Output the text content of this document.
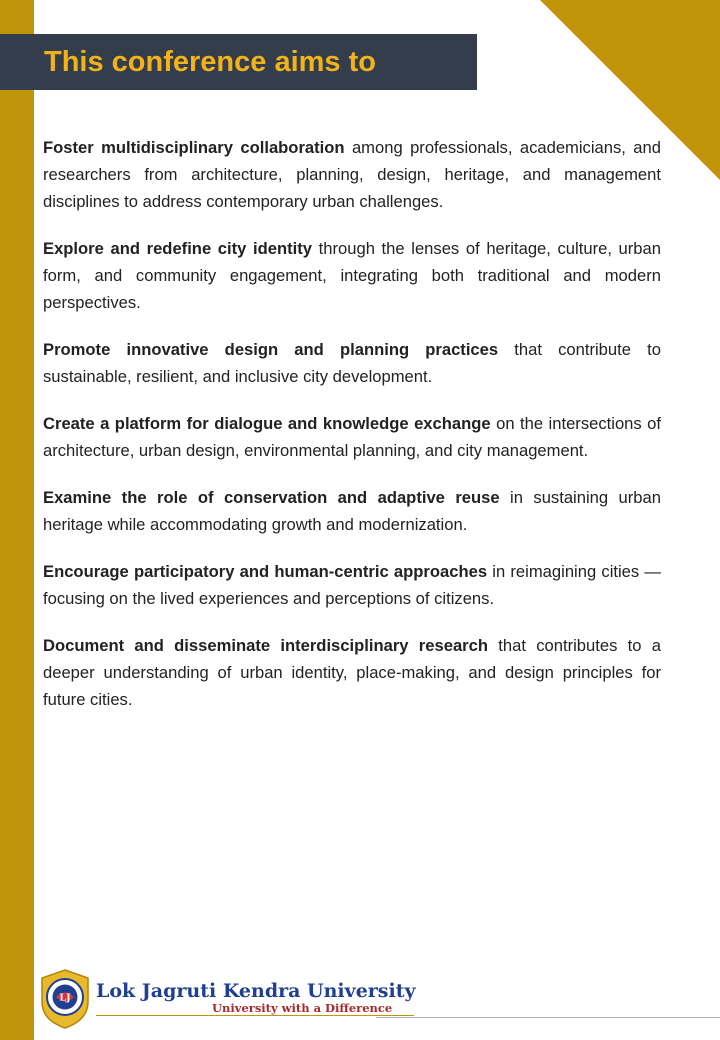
This conference aims to
Foster multidisciplinary collaboration among professionals, academicians, and researchers from architecture, planning, design, heritage, and management disciplines to address contemporary urban challenges.
Explore and redefine city identity through the lenses of heritage, culture, urban form, and community engagement, integrating both traditional and modern perspectives.
Promote innovative design and planning practices that contribute to sustainable, resilient, and inclusive city development.
Create a platform for dialogue and knowledge exchange on the intersections of architecture, urban design, environmental planning, and city management.
Examine the role of conservation and adaptive reuse in sustaining urban heritage while accommodating growth and modernization.
Encourage participatory and human-centric approaches in reimagining cities — focusing on the lived experiences and perceptions of citizens.
Document and disseminate interdisciplinary research that contributes to a deeper understanding of urban identity, place-making, and design principles for future cities.
LJ Lok Jagruti Kendra University

University with a Difference
